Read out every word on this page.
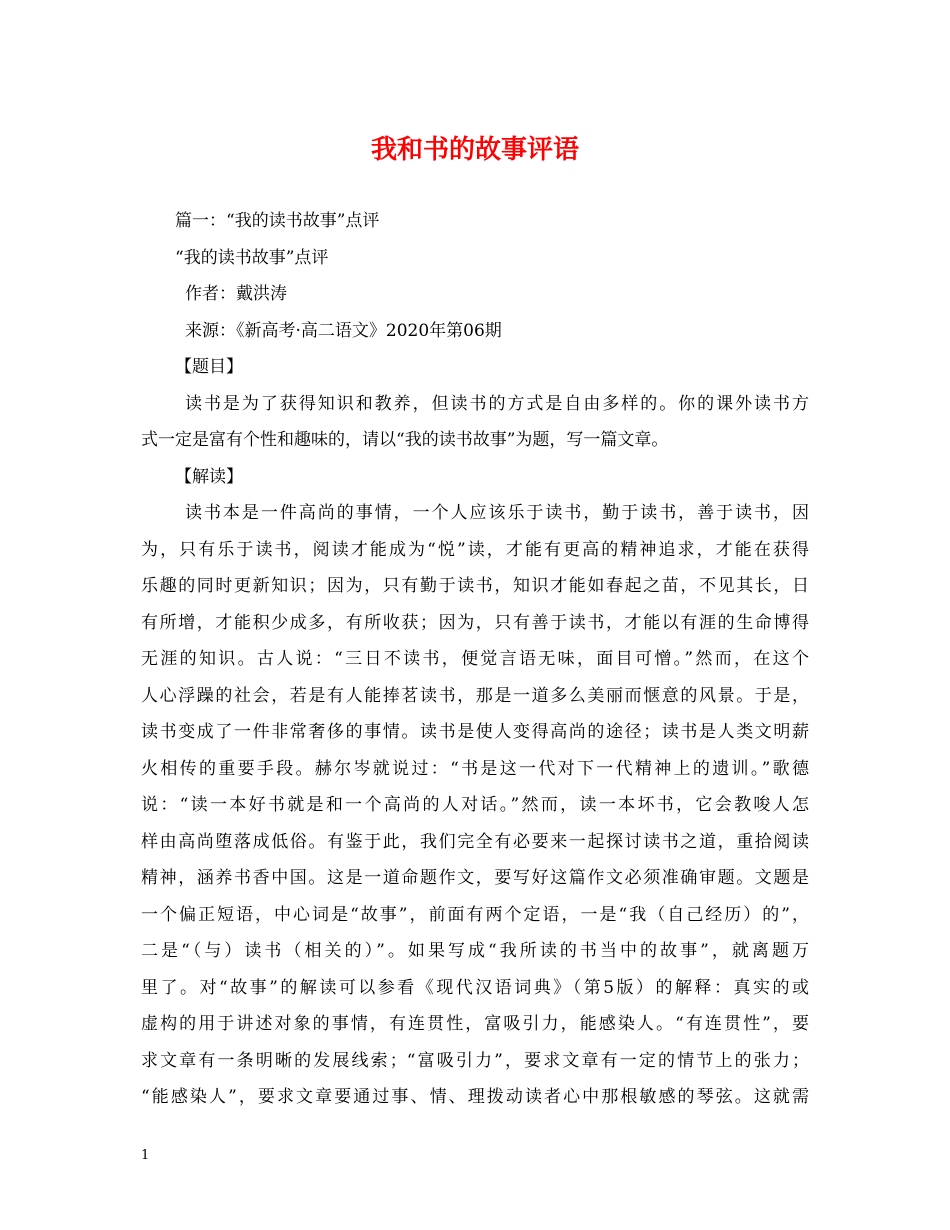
我和书的故事评语
篇一：“我的读书故事”点评
“我的读书故事”点评
作者：戴洪涛
来源：《新高考·高二语文》2020年第06期
【题目】
读书是为了获得知识和教养，但读书的方式是自由多样的。你的课外读书方
式一定是富有个性和趣味的，请以“我的读书故事”为题，写一篇文章。
【解读】
读书本是一件高尚的事情，一个人应该乐于读书，勤于读书，善于读书，因
为，只有乐于读书，阅读才能成为“悦”读，才能有更高的精神追求，才能在获得
乐趣的同时更新知识；因为，只有勤于读书，知识才能如春起之苗，不见其长，日
有所增，才能积少成多，有所收获；因为，只有善于读书，才能以有涯的生命博得
无涯的知识。古人说：“三日不读书，便觉言语无味，面目可憎。”然而，在这个
人心浮躁的社会，若是有人能捧茗读书，那是一道多么美丽而惬意的风景。于是，
读书变成了一件非常奢侈的事情。读书是使人变得高尚的途径；读书是人类文明薪
火相传的重要手段。赫尔岑就说过：“书是这一代对下一代精神上的遗训。”歌德
说：“读一本好书就是和一个高尚的人对话。”然而，读一本坏书，它会教唆人怎
样由高尚堕落成低俗。有鉴于此，我们完全有必要来一起探讨读书之道，重拾阅读
精神，涵养书香中国。这是一道命题作文，要写好这篇作文必须准确审题。文题是
一个偏正短语，中心词是“故事”，前面有两个定语，一是“我（自己经历）的”，
二是“（与）读书（相关的）”。如果写成“我所读的书当中的故事”，就离题万
里了。对“故事”的解读可以参看《现代汉语词典》（第5版）的解释：真实的或
虚构的用于讲述对象的事情，有连贯性，富吸引力，能感染人。“有连贯性”，要
求文章有一条明晰的发展线索；“富吸引力”，要求文章有一定的情节上的张力；
“能感染人”，要求文章要通过事、情、理拨动读者心中那根敏感的琴弦。这就需
1
